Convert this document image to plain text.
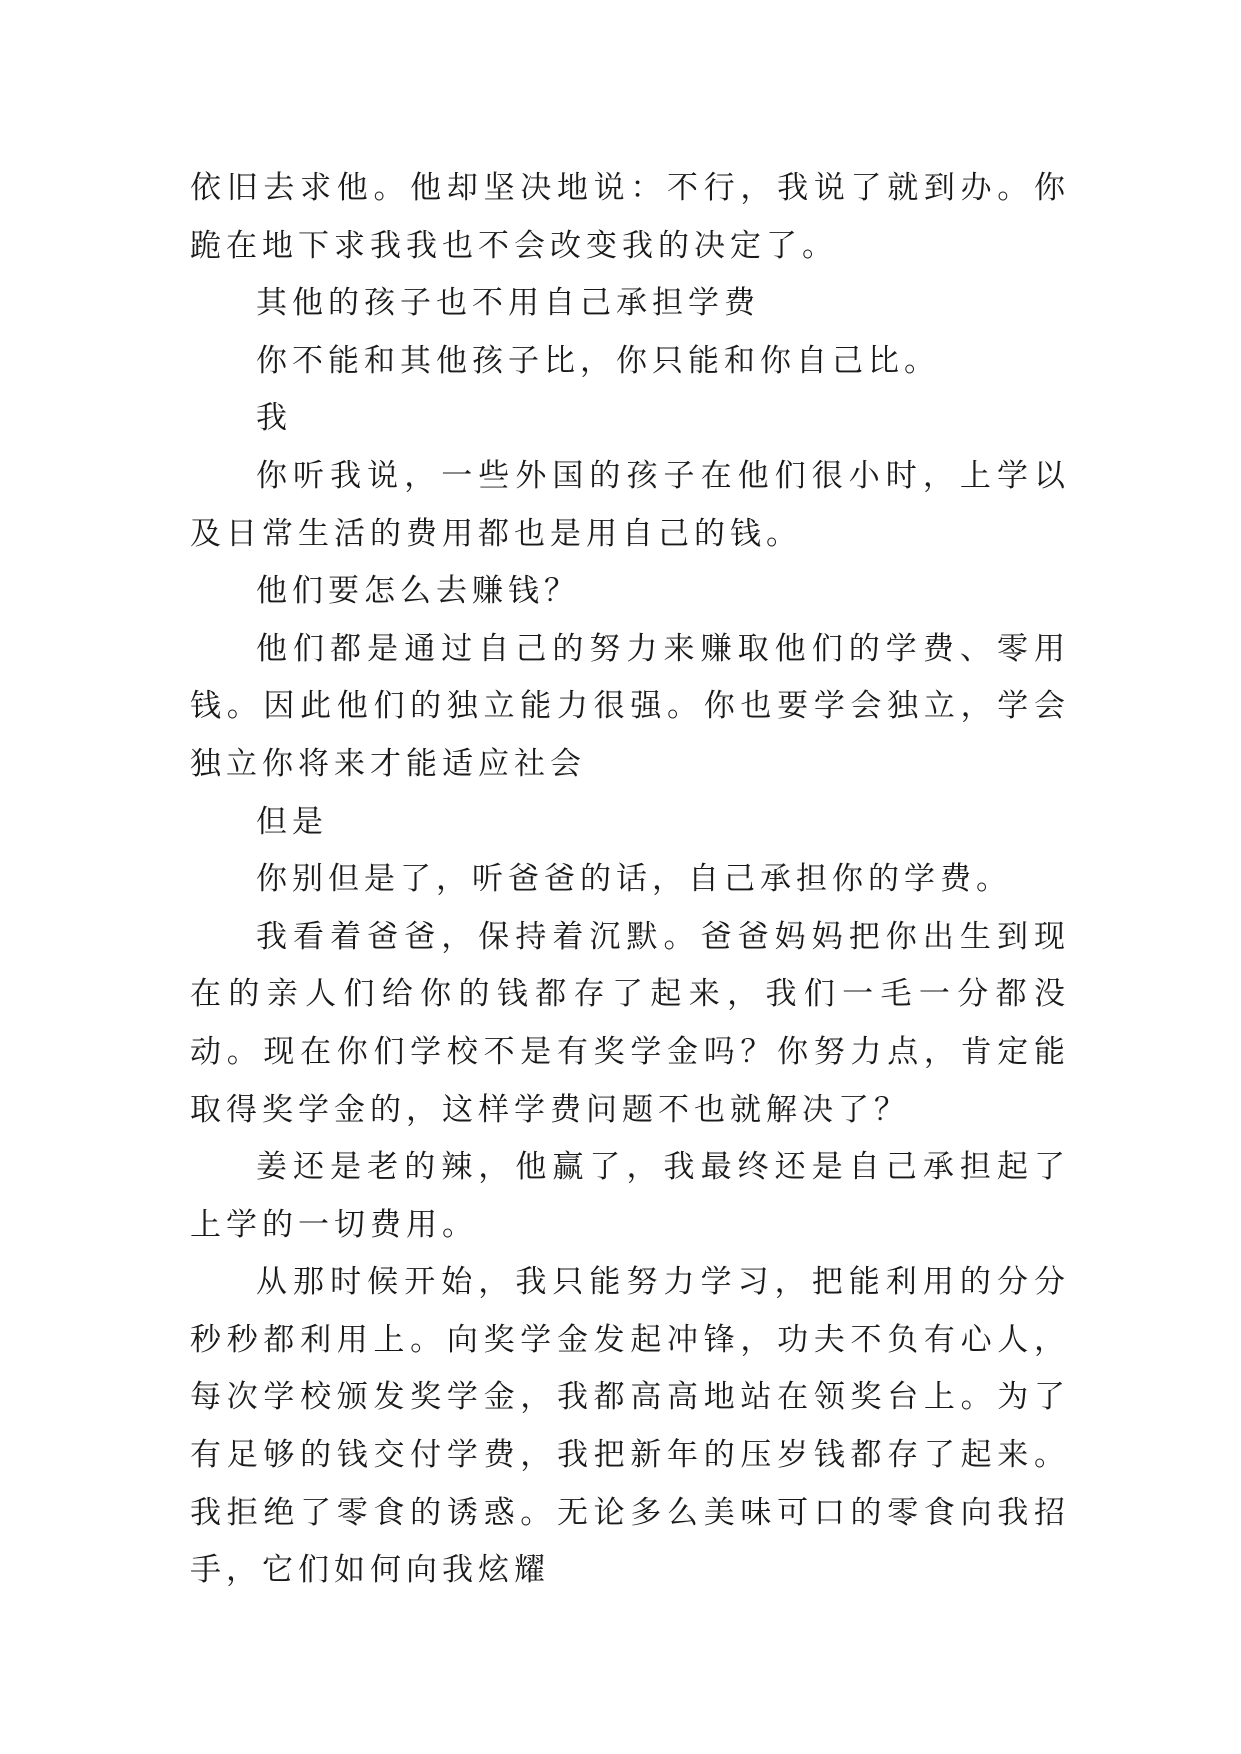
依旧去求他。他却坚决地说：不行，我说了就到办。你跪在地下求我我也不会改变我的决定了。

其他的孩子也不用自己承担学费

你不能和其他孩子比，你只能和你自己比。

我

你听我说，一些外国的孩子在他们很小时，上学以及日常生活的费用都也是用自己的钱。

他们要怎么去赚钱？

他们都是通过自己的努力来赚取他们的学费、零用钱。因此他们的独立能力很强。你也要学会独立，学会独立你将来才能适应社会

但是

你别但是了，听爸爸的话，自己承担你的学费。

我看着爸爸，保持着沉默。爸爸妈妈把你出生到现在的亲人们给你的钱都存了起来，我们一毛一分都没动。现在你们学校不是有奖学金吗？你努力点，肯定能取得奖学金的，这样学费问题不也就解决了？

姜还是老的辣，他赢了，我最终还是自己承担起了上学的一切费用。

从那时候开始，我只能努力学习，把能利用的分分秒秒都利用上。向奖学金发起冲锋，功夫不负有心人，每次学校颁发奖学金，我都高高地站在领奖台上。为了有足够的钱交付学费，我把新年的压岁钱都存了起来。我拒绝了零食的诱惑。无论多么美味可口的零食向我招手，它们如何向我炫耀
